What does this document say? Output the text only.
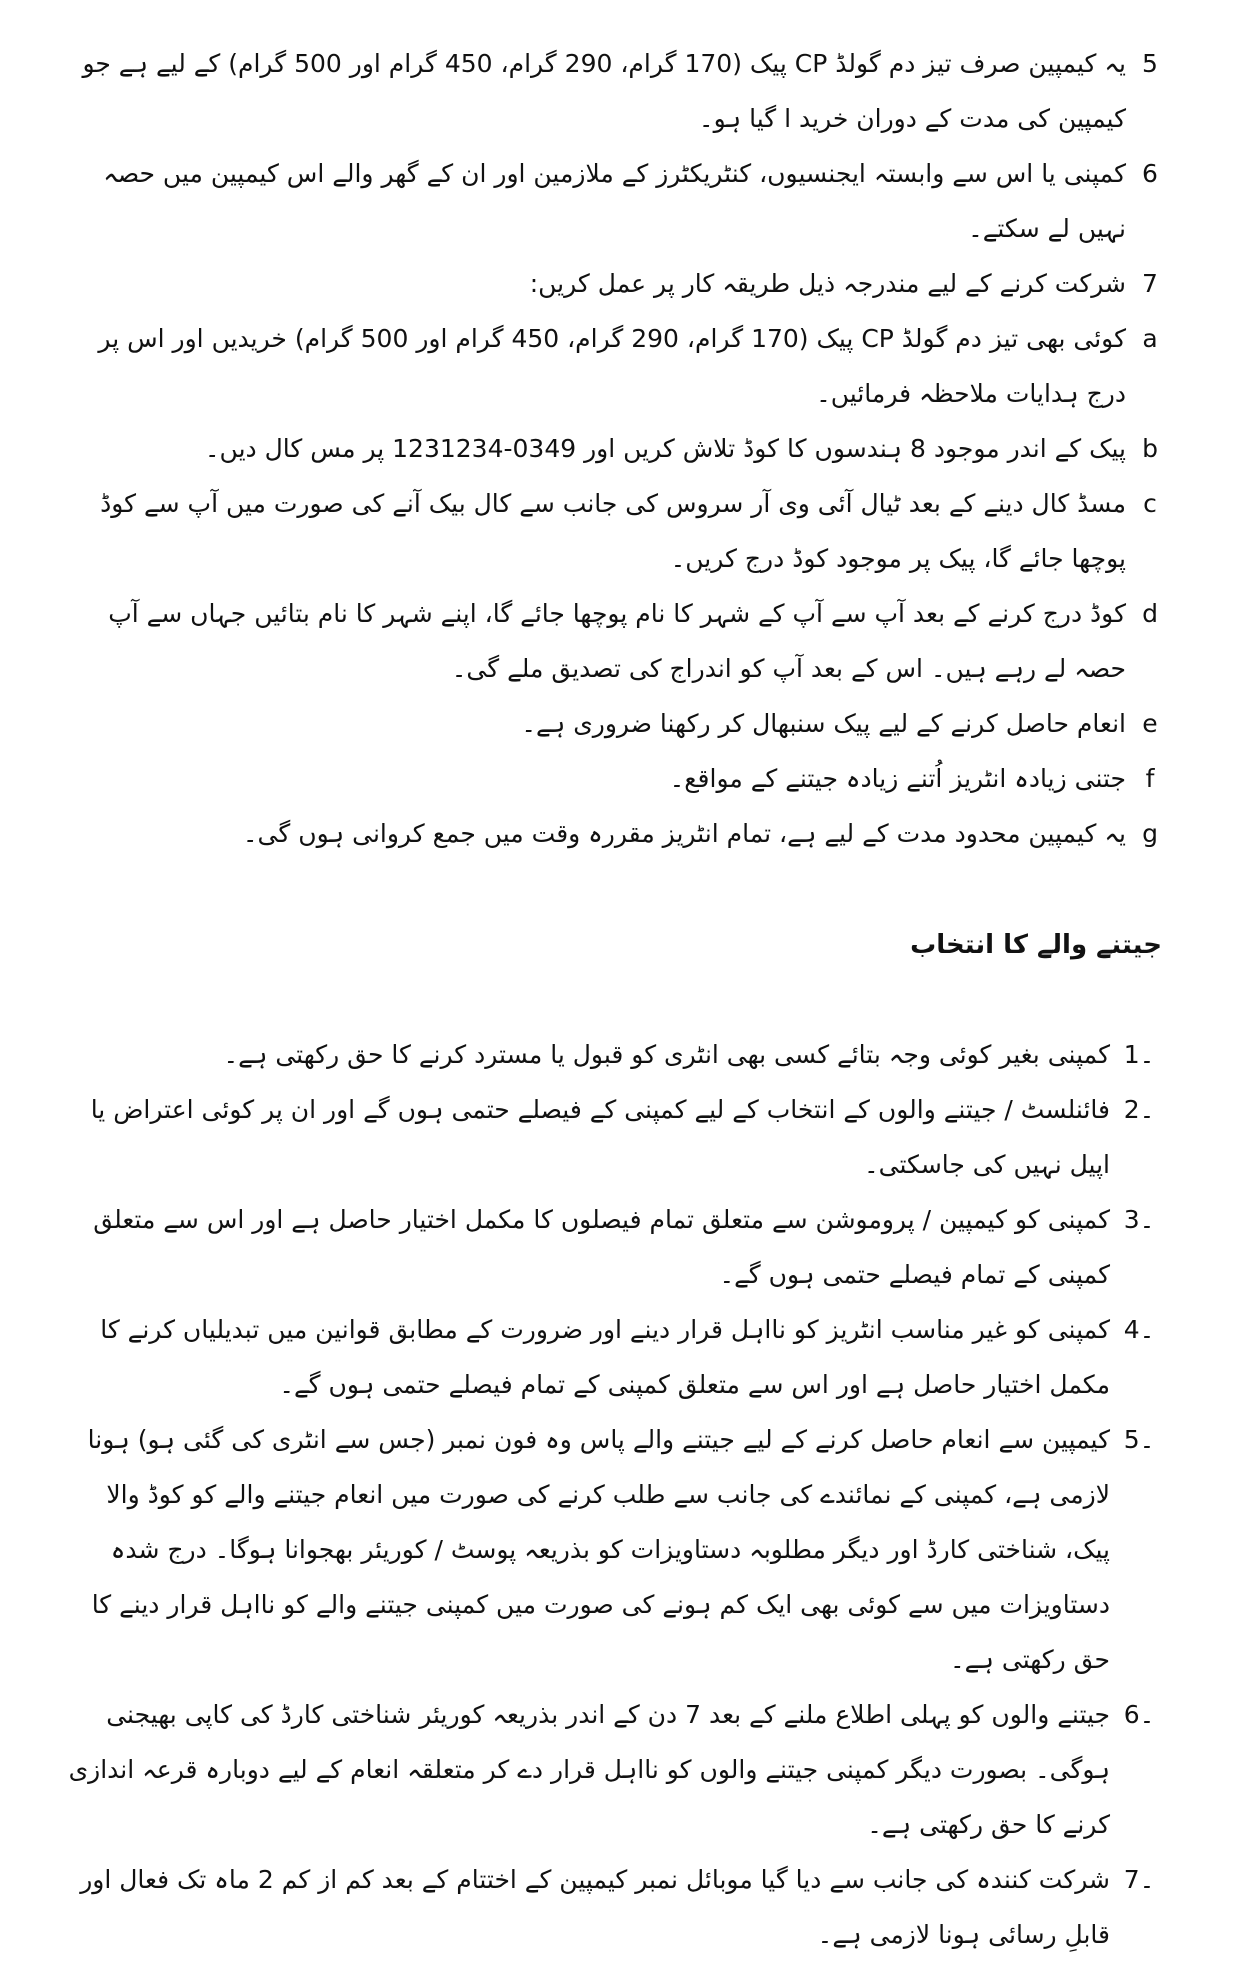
5
یہ کیمپین صرف تیز دم گولڈ CP پیک (170 گرام، 290 گرام، 450 گرام اور 500 گرام) کے لیے ہے جو کیمپین کی مدت کے دوران خرید ا گیا ہو۔
6
کمپنی یا اس سے وابستہ ایجنسیوں، کنٹریکٹرز کے ملازمین اور ان کے گھر والے اس کیمپین میں حصہ نہیں لے سکتے۔
7
شرکت کرنے کے لیے مندرجہ ذیل طریقہ کار پر عمل کریں:
a
کوئی بھی تیز دم گولڈ CP پیک (170 گرام، 290 گرام، 450 گرام اور 500 گرام) خریدیں اور اس پر درج ہدایات ملاحظہ فرمائیں۔
b
پیک کے اندر موجود 8 ہندسوں کا کوڈ تلاش کریں اور 0349-1231234 پر مس کال دیں۔
c
مسڈ کال دینے کے بعد ٹیال آئی وی آر سروس کی جانب سے کال بیک آنے کی صورت میں آپ سے کوڈ پوچھا جائے گا، پیک پر موجود کوڈ درج کریں۔
d
کوڈ درج کرنے کے بعد آپ سے آپ کے شہر کا نام پوچھا جائے گا، اپنے شہر کا نام بتائیں جہاں سے آپ حصہ لے رہے ہیں۔ اس کے بعد آپ کو اندراج کی تصدیق ملے گی۔
e
انعام حاصل کرنے کے لیے پیک سنبھال کر رکھنا ضروری ہے۔
f
جتنی زیادہ انٹریز اُتنے زیادہ جیتنے کے مواقع۔
g
یہ کیمپین محدود مدت کے لیے ہے، تمام انٹریز مقررہ وقت میں جمع کروانی ہوں گی۔
جیتنے والے کا انتخاب
1۔
کمپنی بغیر کوئی وجہ بتائے کسی بھی انٹری کو قبول یا مسترد کرنے کا حق رکھتی ہے۔
2۔
فائنلسٹ / جیتنے والوں کے انتخاب کے لیے کمپنی کے فیصلے حتمی ہوں گے اور ان پر کوئی اعتراض یا اپیل نہیں کی جاسکتی۔
3۔
کمپنی کو کیمپین / پروموشن سے متعلق تمام فیصلوں کا مکمل اختیار حاصل ہے اور اس سے متعلق کمپنی کے تمام فیصلے حتمی ہوں گے۔
4۔
کمپنی کو غیر مناسب انٹریز کو نااہل قرار دینے اور ضرورت کے مطابق قوانین میں تبدیلیاں کرنے کا مکمل اختیار حاصل ہے اور اس سے متعلق کمپنی کے تمام فیصلے حتمی ہوں گے۔
5۔
کیمپین سے انعام حاصل کرنے کے لیے جیتنے والے پاس وہ فون نمبر (جس سے انٹری کی گئی ہو) ہونا لازمی ہے، کمپنی کے نمائندے کی جانب سے طلب کرنے کی صورت میں انعام جیتنے والے کو کوڈ والا پیک، شناختی کارڈ اور دیگر مطلوبہ دستاویزات کو بذریعہ پوسٹ / کوریئر بھجوانا ہوگا۔ درج شدہ دستاویزات میں سے کوئی بھی ایک کم ہونے کی صورت میں کمپنی جیتنے والے کو نااہل قرار دینے کا حق رکھتی ہے۔
6۔
جیتنے والوں کو پہلی اطلاع ملنے کے بعد 7 دن کے اندر بذریعہ کوریئر شناختی کارڈ کی کاپی بھیجنی ہوگی۔ بصورت دیگر کمپنی جیتنے والوں کو نااہل قرار دے کر متعلقہ انعام کے لیے دوبارہ قرعہ اندازی کرنے کا حق رکھتی ہے۔
7۔
شرکت کنندہ کی جانب سے دیا گیا موبائل نمبر کیمپین کے اختتام کے بعد کم از کم 2 ماہ تک فعال اور قابلِ رسائی ہونا لازمی ہے۔
